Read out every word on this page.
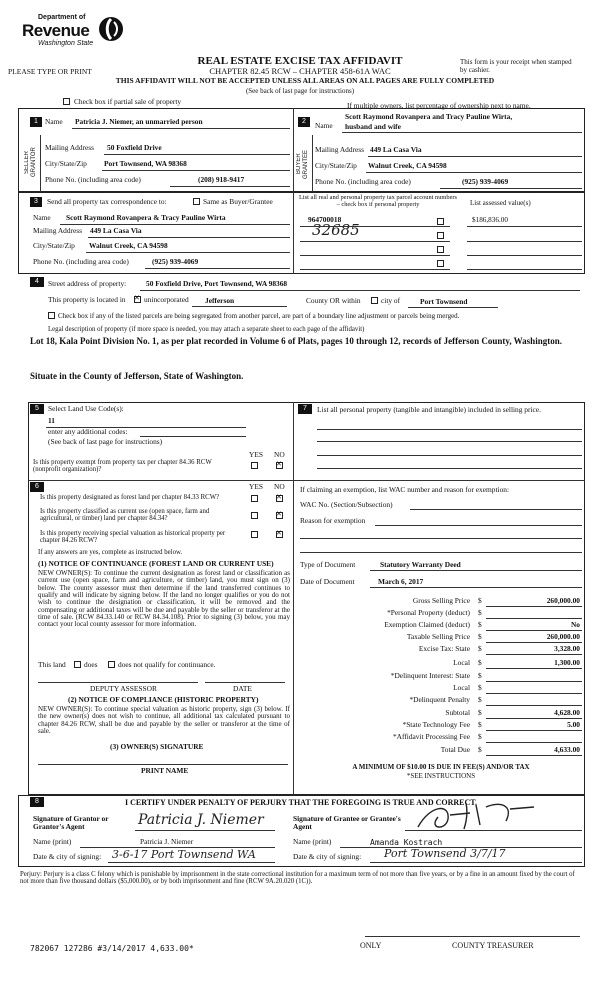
Department of
Revenue
Washington State
REAL ESTATE EXCISE TAX AFFIDAVIT
CHAPTER 82.45 RCW – CHAPTER 458-61A WAC
PLEASE TYPE OR PRINT
This form is your receipt when stamped by cashier.
THIS AFFIDAVIT WILL NOT BE ACCEPTED UNLESS ALL AREAS ON ALL PAGES ARE FULLY COMPLETED
(See back of last page for instructions)
Check box if partial sale of property	If multiple owners, list percentage of ownership next to name.
1
SELLER GRANTOR
Name Patricia J. Niemer, an unmarried person
Mailing Address 50 Foxfield Drive
City/State/Zip Port Townsend, WA 98368
Phone No. (including area code)	(208) 918-9417
2
BUYER GRANTEE
Name
Scott Raymond Rovanpera and Tracy Pauline Wirta,
husband and wife
Mailing Address 449 La Casa Via
City/State/Zip Walnut Creek, CA 94598
Phone No. (including area code)	(925) 939-4069
3	Send all property tax correspondence to:	Same as Buyer/Grantee
Name Scott Raymond Rovanpera & Tracy Pauline Wirta
Mailing Address 449 La Casa Via
City/State/Zip Walnut Creek, CA 94598
Phone No. (including area code)	(925) 939-4069
List all real and personal property tax parcel account numbers – check box if personal property	List assessed value(s)
964700018
32685
$186,836.00
4	Street address of property:	50 Foxfield Drive, Port Townsend, WA 98368
This property is located in
✕ unincorporated Jefferson	County OR within	city of	Port Townsend
Check box if any of the listed parcels are being segregated from another parcel, are part of a boundary line adjustment or parcels being merged.
Legal description of property (if more space is needed, you may attach a separate sheet to each page of the affidavit)
Lot 18, Kala Point Division No. 1, as per plat recorded in Volume 6 of Plats, pages 10 through 12, records of Jefferson County, Washington.
Situate in the County of Jefferson, State of Washington.
5	Select Land Use Code(s):
11
enter any additional codes:
(See back of last page for instructions)
YES NO
Is this property exempt from property tax per chapter 84.36 RCW (nonprofit organization)?
✕
6	YES NO
Is this property designated as forest land per chapter 84.33 RCW?
✕
Is this property classified as current use (open space, farm and agricultural, or timber) land per chapter 84.34?
✕
Is this property receiving special valuation as historical property per chapter 84.26 RCW?
✕
If any answers are yes, complete as instructed below.
(1) NOTICE OF CONTINUANCE (FOREST LAND OR CURRENT USE)
NEW OWNER(S): To continue the current designation as forest land or classification as current use (open space, farm and agriculture, or timber) land, you must sign on (3) below. The county assessor must then determine if the land transferred continues to qualify and will indicate by signing below. If the land no longer qualifies or you do not wish to continue the designation or classification, it will be removed and the compensating or additional taxes will be due and payable by the seller or transferor at the time of sale. (RCW 84.33.140 or RCW 84.34.108). Prior to signing (3) below, you may contact your local county assessor for more information.
This land does	does not qualify for continuance.
DEPUTY ASSESSOR	DATE
(2) NOTICE OF COMPLIANCE (HISTORIC PROPERTY)
NEW OWNER(S): To continue special valuation as historic property, sign (3) below. If the new owner(s) does not wish to continue, all additional tax calculated pursuant to chapter 84.26 RCW, shall be due and payable by the seller or transferor at the time of sale.
(3) OWNER(S) SIGNATURE
PRINT NAME
7	List all personal property (tangible and intangible) included in selling price.
If claiming an exemption, list WAC number and reason for exemption:
WAC No. (Section/Subsection)
Reason for exemption
Type of Document	Statutory Warranty Deed
Date of Document	March 6, 2017
Gross Selling Price $	260,000.00
*Personal Property (deduct) $
Exemption Claimed (deduct) $	No
Taxable Selling Price $	260,000.00
Excise Tax: State $	3,328.00
Local $	1,300.00
*Delinquent Interest: State $
Local $
*Delinquent Penalty $
Subtotal $	4,628.00
*State Technology Fee $	5.00
*Affidavit Processing Fee $
Total Due $	4,633.00
A MINIMUM OF $10.00 IS DUE IN FEE(S) AND/OR TAX
*SEE INSTRUCTIONS
8	I CERTIFY UNDER PENALTY OF PERJURY THAT THE FOREGOING IS TRUE AND CORRECT.
Signature of Grantor or Grantor's Agent	Patricia J. Niemer
Name (print)	Patricia J. Niemer
Date & city of signing: 3-6-17 Port Townsend WA
Signature of Grantee or Grantee's Agent
Name (print)	Amanda Kostrach
Date & city of signing: Port Townsend 3/7/17
Perjury: Perjury is a class C felony which is punishable by imprisonment in the state correctional institution for a maximum term of not more than five years, or by a fine in an amount fixed by the court of not more than five thousand dollars ($5,000.00), or by both imprisonment and fine (RCW 9A.20.020 (1C)).
782067 127286 #3/14/2017 4,633.00*	ONLY	COUNTY TREASURER
